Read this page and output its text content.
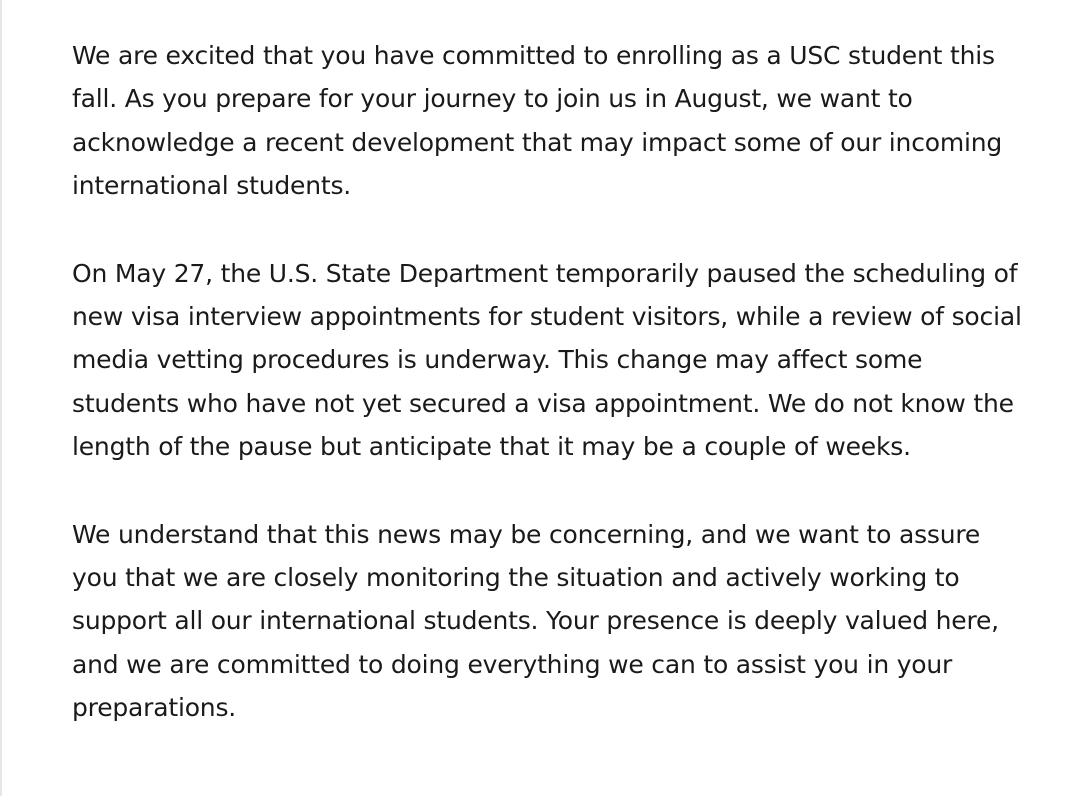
We are excited that you have committed to enrolling as a USC student this fall. As you prepare for your journey to join us in August, we want to acknowledge a recent development that may impact some of our incoming international students.

On May 27, the U.S. State Department temporarily paused the scheduling of new visa interview appointments for student visitors, while a review of social media vetting procedures is underway. This change may affect some students who have not yet secured a visa appointment. We do not know the length of the pause but anticipate that it may be a couple of weeks.

We understand that this news may be concerning, and we want to assure you that we are closely monitoring the situation and actively working to support all our international students. Your presence is deeply valued here, and we are committed to doing everything we can to assist you in your preparations.
